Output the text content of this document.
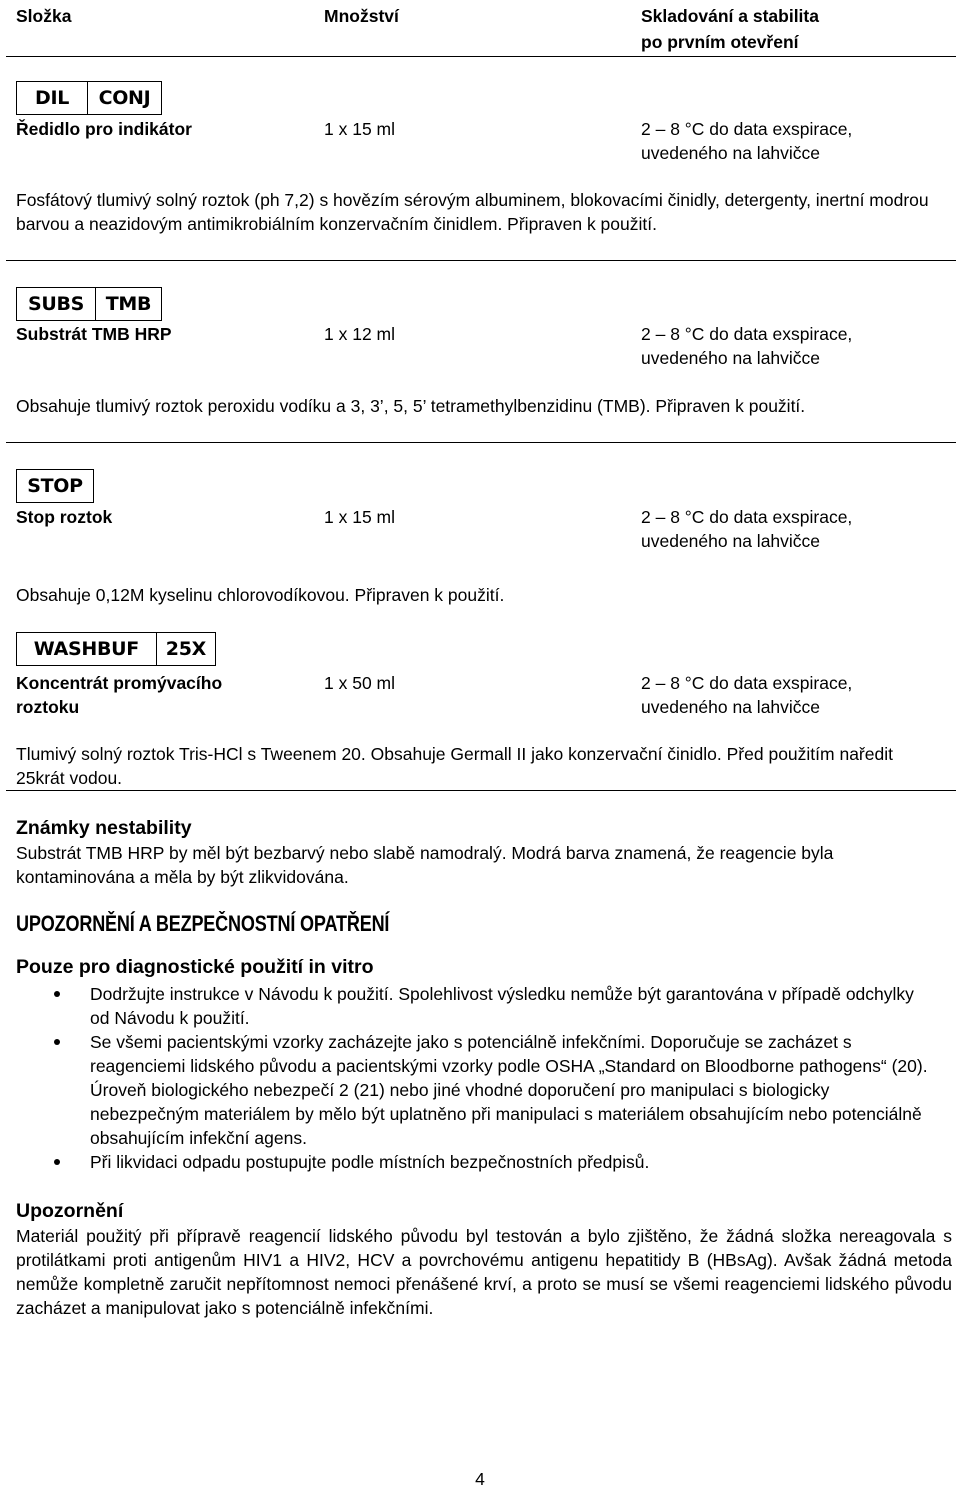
Složka	Množství	Skladování a stabilita
po prvním otevření
DIL	CONJ
Ředidlo pro indikátor	1 x 15 ml	2 – 8 °C do data exspirace,
uvedeného na lahvičce
Fosfátový tlumivý solný roztok (ph 7,2) s hovězím sérovým albuminem, blokovacími činidly, detergenty, inertní modrou barvou a neazidovým antimikrobiálním konzervačním činidlem. Připraven k použití.
SUBS	TMB
Substrát TMB HRP	1 x 12 ml	2 – 8 °C do data exspirace,
uvedeného na lahvičce
Obsahuje tlumivý roztok peroxidu vodíku a 3, 3’, 5, 5’ tetramethylbenzidinu (TMB). Připraven k použití.
STOP
Stop roztok	1 x 15 ml	2 – 8 °C do data exspirace,
uvedeného na lahvičce
Obsahuje 0,12M kyselinu chlorovodíkovou. Připraven k použití.
WASHBUF	25X
Koncentrát promývacího
roztoku
1 x 50 ml	2 – 8 °C do data exspirace,
uvedeného na lahvičce
Tlumivý solný roztok Tris-HCl s Tweenem 20. Obsahuje Germall II jako konzervační činidlo. Před použitím naředit 25krát vodou.
Známky nestability
Substrát TMB HRP by měl být bezbarvý nebo slabě namodralý. Modrá barva znamená, že reagencie byla kontaminována a měla by být zlikvidována.
UPOZORNĚNÍ A BEZPEČNOSTNÍ OPATŘENÍ
Pouze pro diagnostické použití in vitro
Dodržujte instrukce v Návodu k použití. Spolehlivost výsledku nemůže být garantována v případě odchylky od Návodu k použití.
Se všemi pacientskými vzorky zacházejte jako s potenciálně infekčními. Doporučuje se zacházet s reagenciemi lidského původu a pacientskými vzorky podle OSHA „Standard on Bloodborne pathogens“ (20). Úroveň biologického nebezpečí 2 (21) nebo jiné vhodné doporučení pro manipulaci s biologicky nebezpečným materiálem by mělo být uplatněno při manipulaci s materiálem obsahujícím nebo potenciálně obsahujícím infekční agens.
Při likvidaci odpadu postupujte podle místních bezpečnostních předpisů.
Upozornění
Materiál použitý při přípravě reagencií lidského původu byl testován a bylo zjištěno, že žádná složka nereagovala s protilátkami proti antigenům HIV1 a HIV2, HCV a povrchovému antigenu hepatitidy B (HBsAg). Avšak žádná metoda nemůže kompletně zaručit nepřítomnost nemoci přenášené krví, a proto se musí se všemi reagenciemi lidského původu zacházet a manipulovat jako s potenciálně infekčními.
4
